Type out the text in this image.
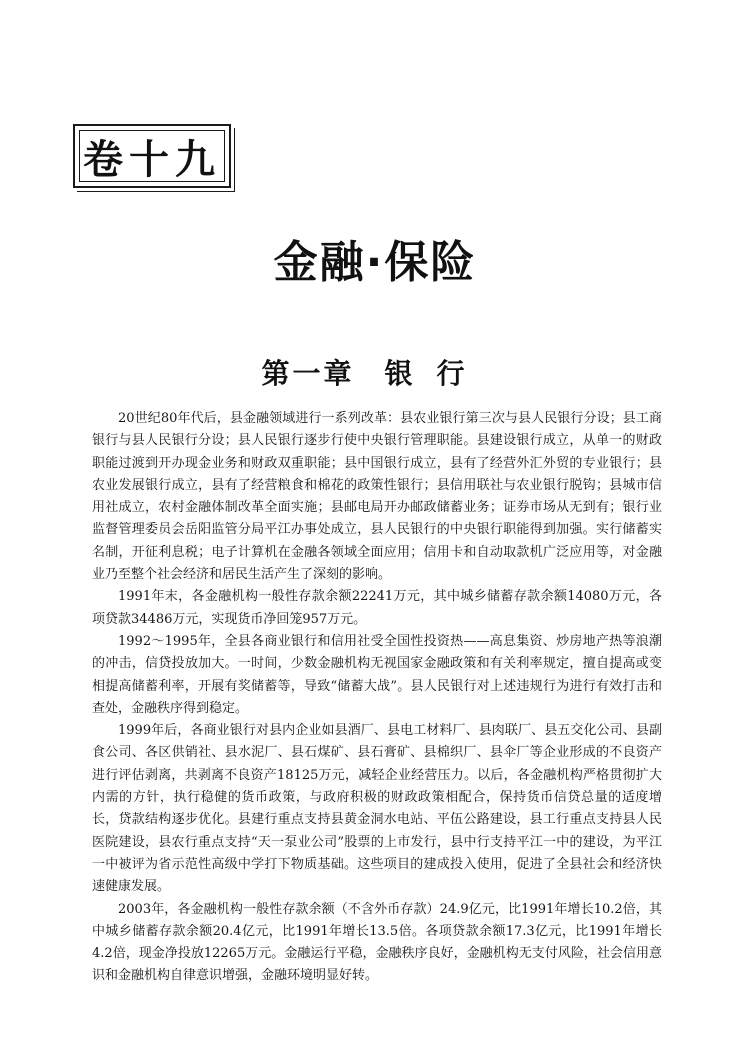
卷十九
金融·保险
第一章 银行

20世纪80年代后，县金融领域进行一系列改革：县农业银行第三次与县人民银行分设；县工商银行与县人民银行分设；县人民银行逐步行使中央银行管理职能。县建设银行成立，从单一的财政职能过渡到开办现金业务和财政双重职能；县中国银行成立，县有了经营外汇外贸的专业银行；县农业发展银行成立，县有了经营粮食和棉花的政策性银行；县信用联社与农业银行脱钩；县城市信用社成立，农村金融体制改革全面实施；县邮电局开办邮政储蓄业务；证券市场从无到有；银行业监督管理委员会岳阳监管分局平江办事处成立，县人民银行的中央银行职能得到加强。实行储蓄实名制，开征利息税；电子计算机在金融各领域全面应用；信用卡和自动取款机广泛应用等，对金融业乃至整个社会经济和居民生活产生了深刻的影响。

1991年末，各金融机构一般性存款余额22241万元，其中城乡储蓄存款余额14080万元，各项贷款34486万元，实现货币净回笼957万元。

1992～1995年，全县各商业银行和信用社受全国性投资热——高息集资、炒房地产热等浪潮的冲击，信贷投放加大。一时间，少数金融机构无视国家金融政策和有关利率规定，擅自提高或变相提高储蓄利率，开展有奖储蓄等，导致“储蓄大战”。县人民银行对上述违规行为进行有效打击和查处，金融秩序得到稳定。

1999年后，各商业银行对县内企业如县酒厂、县电工材料厂、县肉联厂、县五交化公司、县副食公司、各区供销社、县水泥厂、县石煤矿、县石膏矿、县棉织厂、县伞厂等企业形成的不良资产进行评估剥离，共剥离不良资产18125万元，减轻企业经营压力。以后，各金融机构严格贯彻扩大内需的方针，执行稳健的货币政策，与政府积极的财政政策相配合，保持货币信贷总量的适度增长，贷款结构逐步优化。县建行重点支持县黄金洞水电站、平伍公路建设，县工行重点支持县人民医院建设，县农行重点支持“天一泵业公司”股票的上市发行，县中行支持平江一中的建设，为平江一中被评为省示范性高级中学打下物质基础。这些项目的建成投入使用，促进了全县社会和经济快速健康发展。

2003年，各金融机构一般性存款余额（不含外币存款）24.9亿元，比1991年增长10.2倍，其中城乡储蓄存款余额20.4亿元，比1991年增长13.5倍。各项贷款余额17.3亿元，比1991年增长4.2倍，现金净投放12265万元。金融运行平稳，金融秩序良好，金融机构无支付风险，社会信用意识和金融机构自律意识增强，金融环境明显好转。
